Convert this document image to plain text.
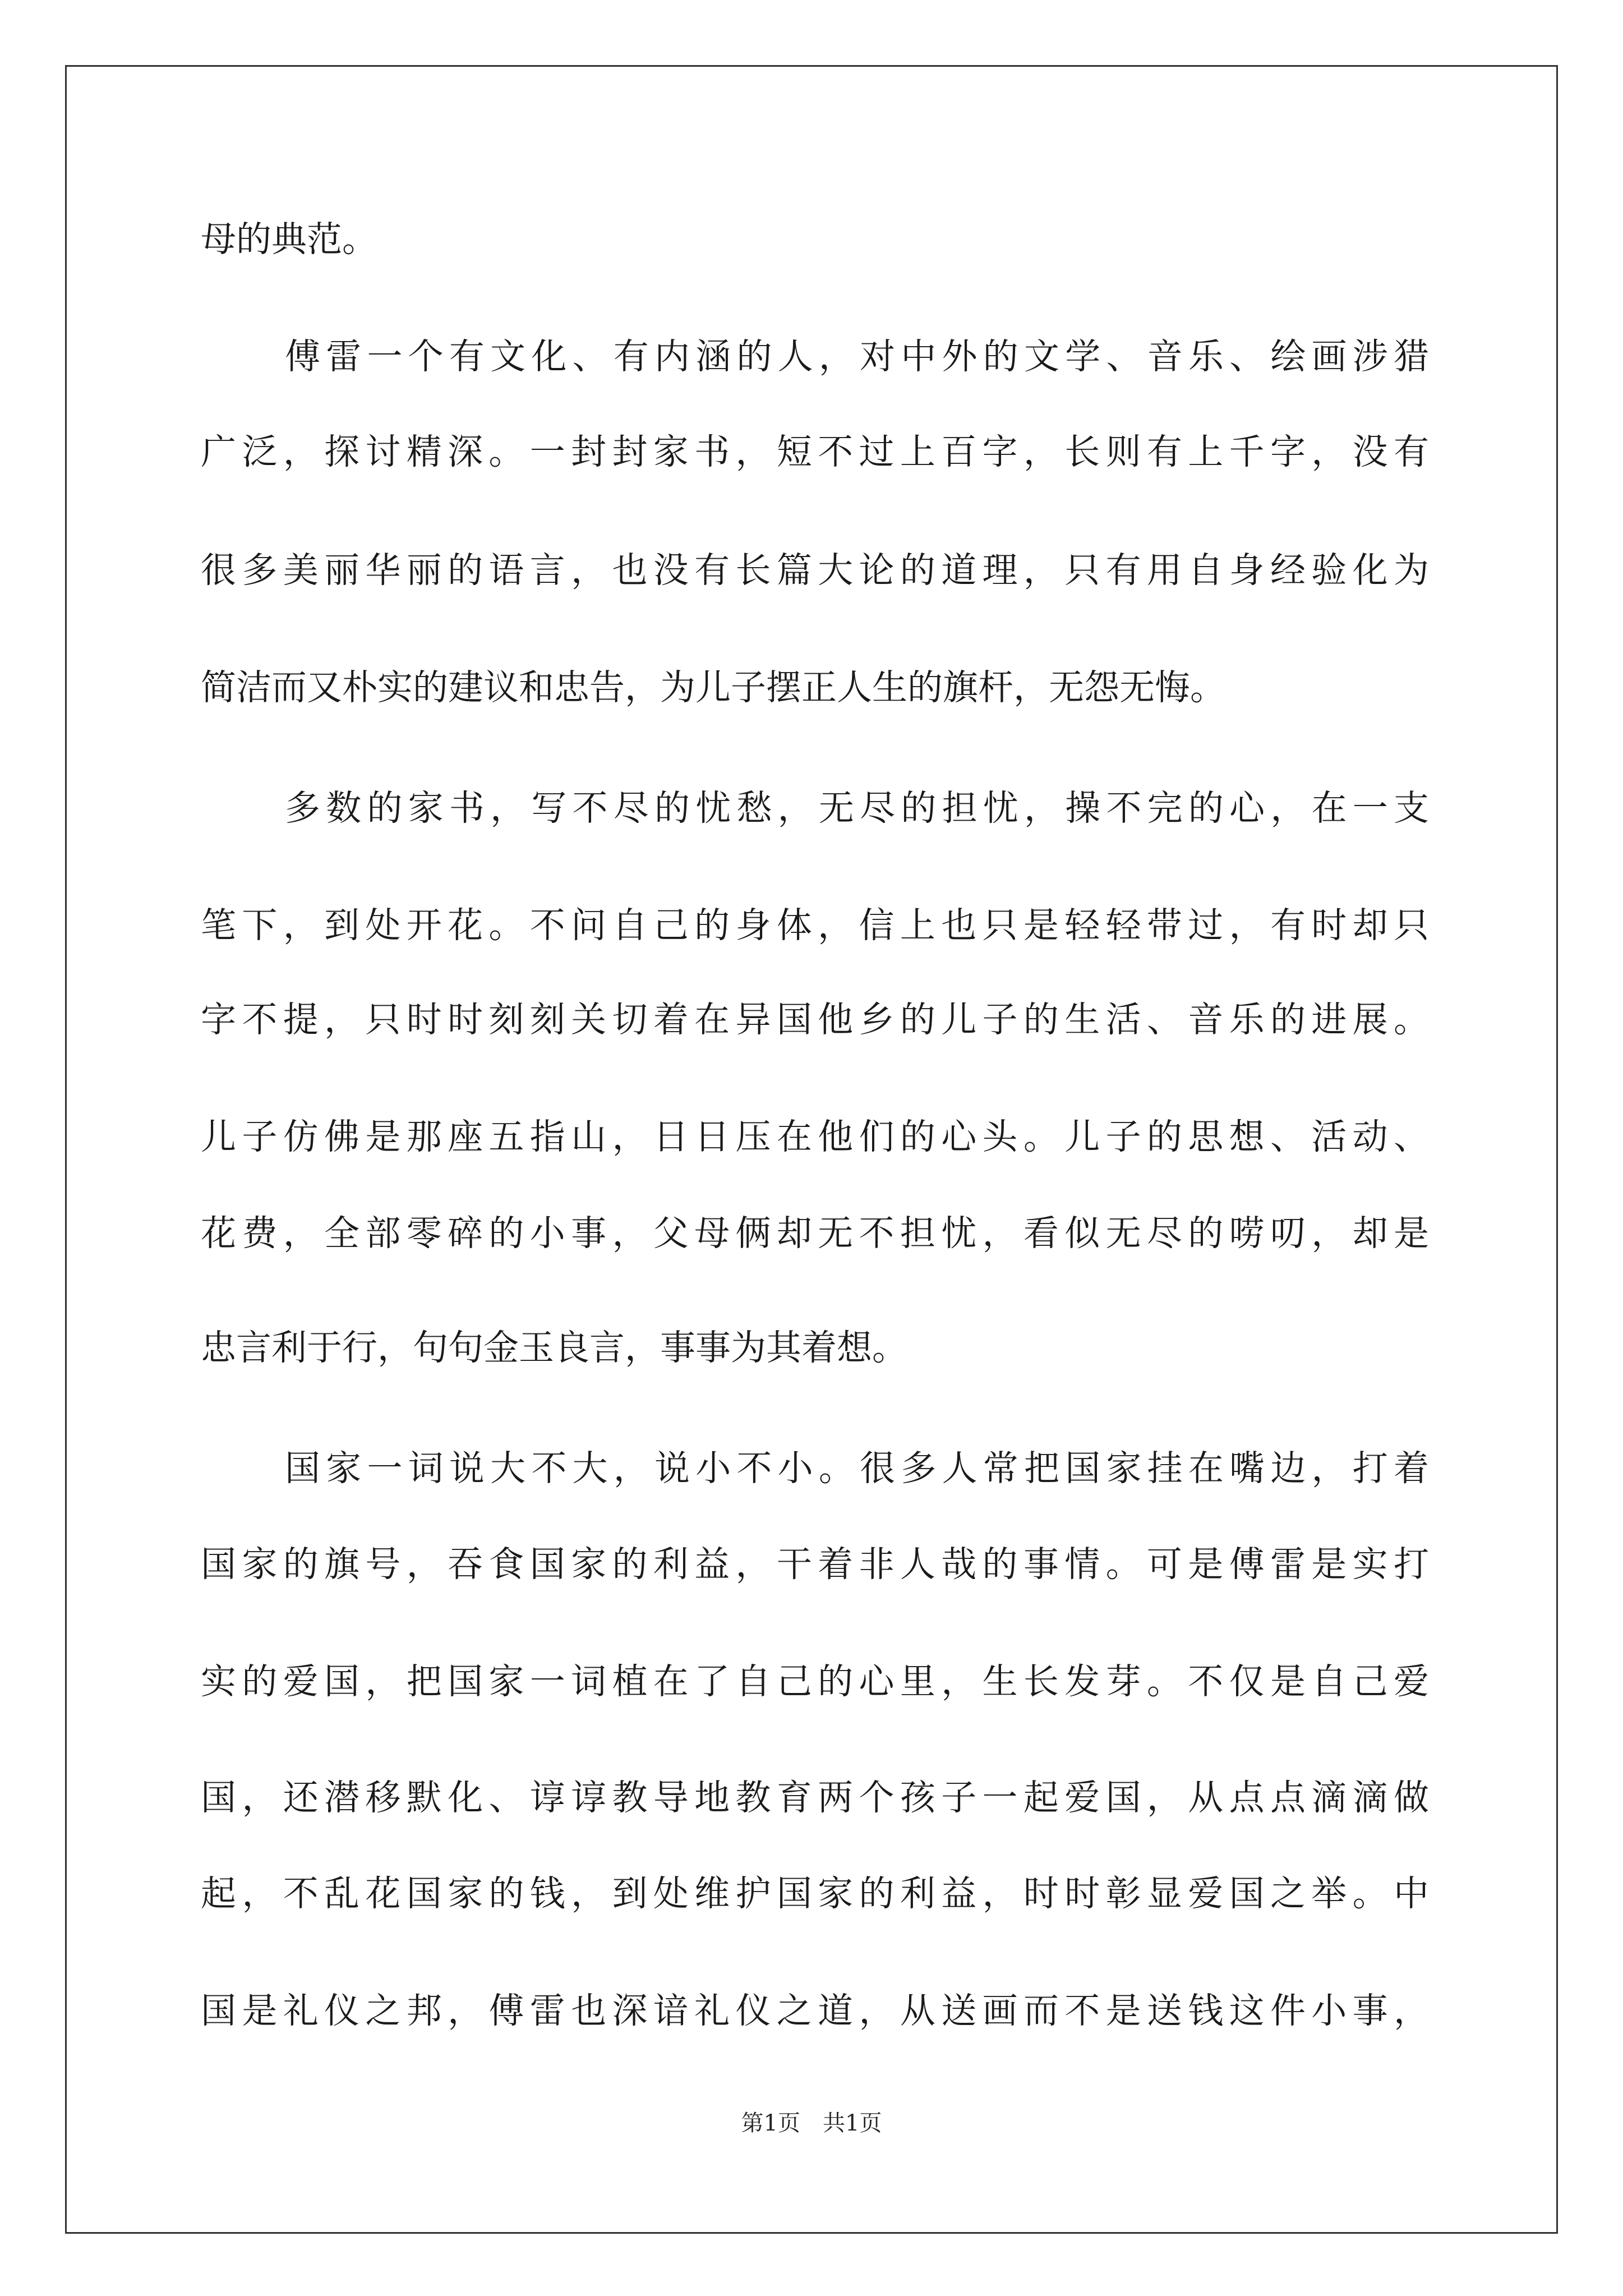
母的典范。
傅雷一个有文化、有内涵的人，对中外的文学、音乐、绘画涉猎
广泛，探讨精深。一封封家书，短不过上百字，长则有上千字，没有
很多美丽华丽的语言，也没有长篇大论的道理，只有用自身经验化为
简洁而又朴实的建议和忠告，为儿子摆正人生的旗杆，无怨无悔。
多数的家书，写不尽的忧愁，无尽的担忧，操不完的心，在一支
笔下，到处开花。不问自己的身体，信上也只是轻轻带过，有时却只
字不提，只时时刻刻关切着在异国他乡的儿子的生活、音乐的进展。
儿子仿佛是那座五指山，日日压在他们的心头。儿子的思想、活动、
花费，全部零碎的小事，父母俩却无不担忧，看似无尽的唠叨，却是
忠言利于行，句句金玉良言，事事为其着想。
国家一词说大不大，说小不小。很多人常把国家挂在嘴边，打着
国家的旗号，吞食国家的利益，干着非人哉的事情。可是傅雷是实打
实的爱国，把国家一词植在了自己的心里，生长发芽。不仅是自己爱
国，还潜移默化、谆谆教导地教育两个孩子一起爱国，从点点滴滴做
起，不乱花国家的钱，到处维护国家的利益，时时彰显爱国之举。中
国是礼仪之邦，傅雷也深谙礼仪之道，从送画而不是送钱这件小事，
第1页　共1页
